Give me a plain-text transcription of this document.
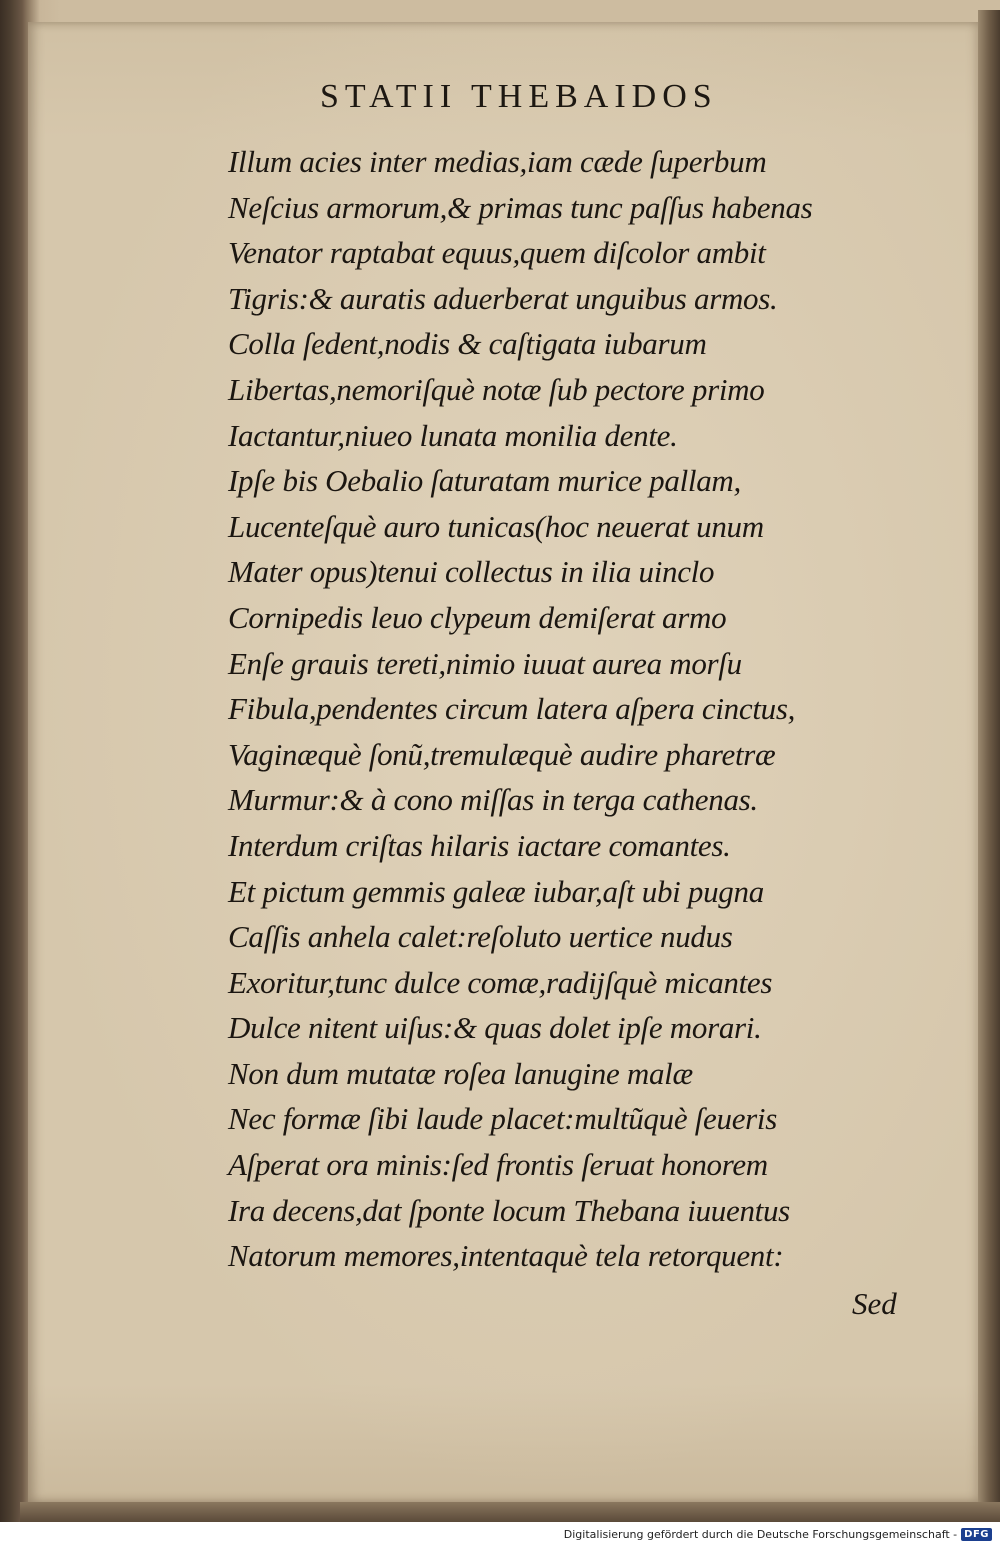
STATII THEBAIDOS
Illum acies inter medias,iam cæde ſuperbum
Neſcius armorum,& primas tunc paſſus habenas
Venator raptabat equus,quem diſcolor ambit
Tigris:& auratis aduerberat unguibus armos.
Colla ſedent,nodis & caſtigata iubarum
Libertas,nemoriſquè notæ ſub pectore primo
Iactantur,niueo lunata monilia dente.
Ipſe bis Oebalio ſaturatam murice pallam,
Lucenteſquè auro tunicas(hoc neuerat unum
Mater opus)tenui collectus in ilia uinclo
Cornipedis leuo clypeum demiſerat armo
Enſe grauis tereti,nimio iuuat aurea morſu
Fibula,pendentes circum latera aſpera cinctus,
Vaginæquè ſonũ,tremulæquè audire pharetræ
Murmur:& à cono miſſas in terga cathenas.
Interdum criſtas hilaris iactare comantes.
Et pictum gemmis galeæ iubar,aſt ubi pugna
Caſſis anhela calet:reſoluto uertice nudus
Exoritur,tunc dulce comæ,radijſquè micantes
Dulce nitent uiſus:& quas dolet ipſe morari.
Non dum mutatæ roſea lanugine malæ
Nec formæ ſibi laude placet:multũquè ſeueris
Aſperat ora minis:ſed frontis ſeruat honorem
Ira decens,dat ſponte locum Thebana iuuentus
Natorum memores,intentaquè tela retorquent:
Sed
Digitalisierung gefördert durch die Deutsche Forschungsgemeinschaft - DFG
